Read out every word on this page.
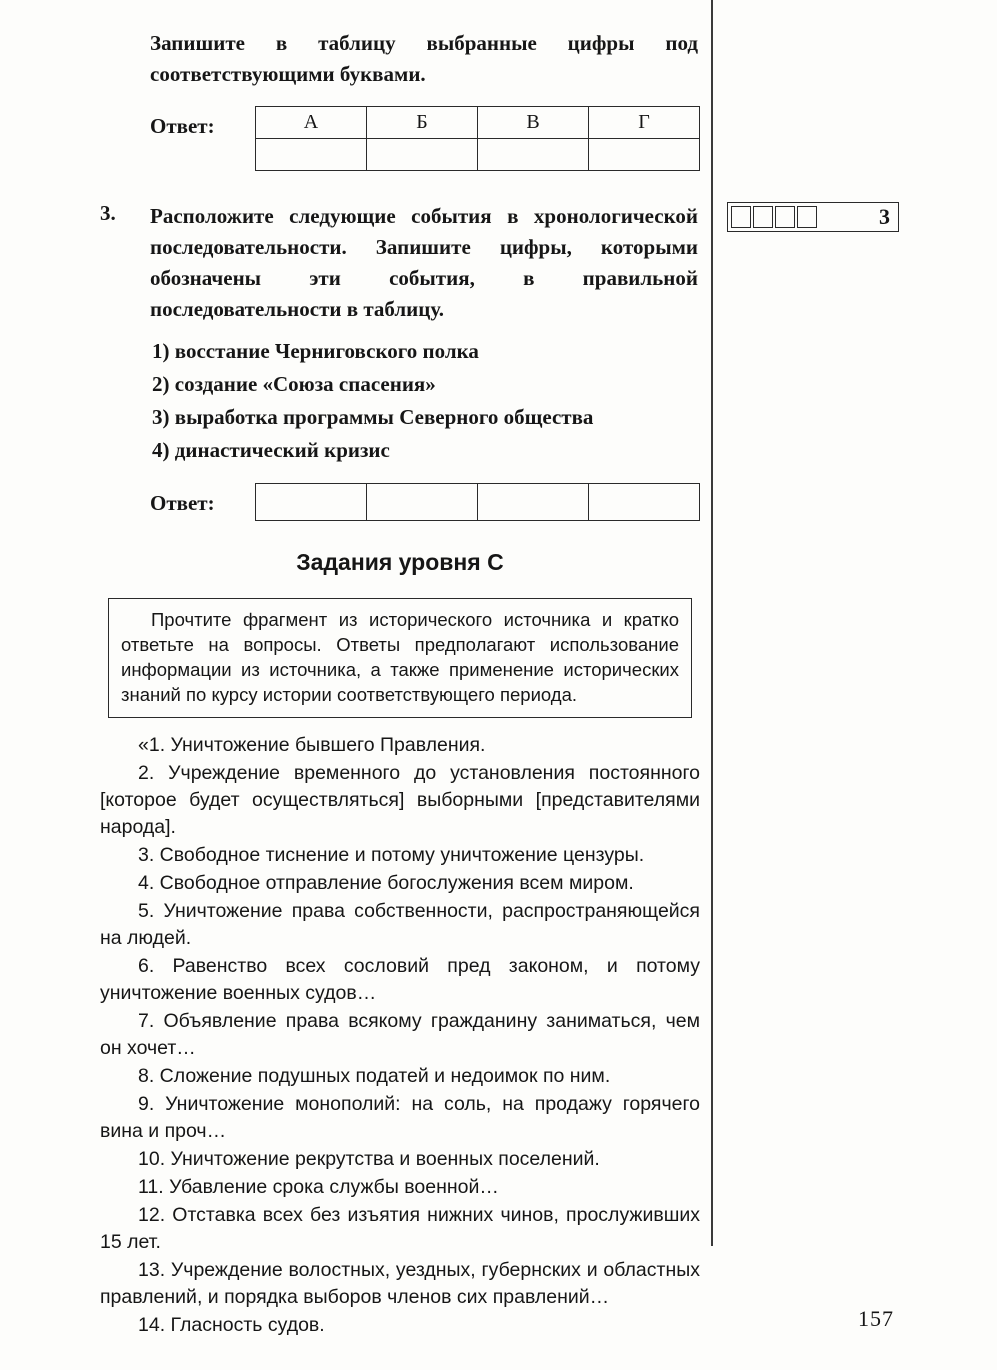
Запишите в таблицу выбранные цифры под соответствующими буквами.

Ответ:	А	Б	В	Г

3.	Расположите следующие события в хронологической последовательности. Запишите цифры, которыми обозначены эти события, в правильной последовательности в таблицу.

1) восстание Черниговского полка
2) создание «Союза спасения»
3) выработка программы Северного общества
4) династический кризис
Ответ:

Задания уровня С

Прочтите фрагмент из исторического источника и кратко ответьте на вопросы. Ответы предполагают использование информации из источника, а также применение исторических знаний по курсу истории соответствующего периода.

«1. Уничтожение бывшего Правления.

2. Учреждение временного до установления постоянного [которое будет осуществляться] выборными [представителями народа].

3. Свободное тиснение и потому уничтожение цензуры.

4. Свободное отправление богослужения всем миром.

5. Уничтожение права собственности, распространяющейся на людей.

6. Равенство всех сословий пред законом, и потому уничтожение военных судов…

7. Объявление права всякому гражданину заниматься, чем он хочет…

8. Сложение подушных податей и недоимок по ним.

9. Уничтожение монополий: на соль, на продажу горячего вина и проч…

10. Уничтожение рекрутства и военных поселений.

11. Убавление срока службы военной…

12. Отставка всех без изъятия нижних чинов, прослуживших 15 лет.

13. Учреждение волостных, уездных, губернских и областных правлений, и порядка выборов членов сих правлений…

14. Гласность судов.

3
157
